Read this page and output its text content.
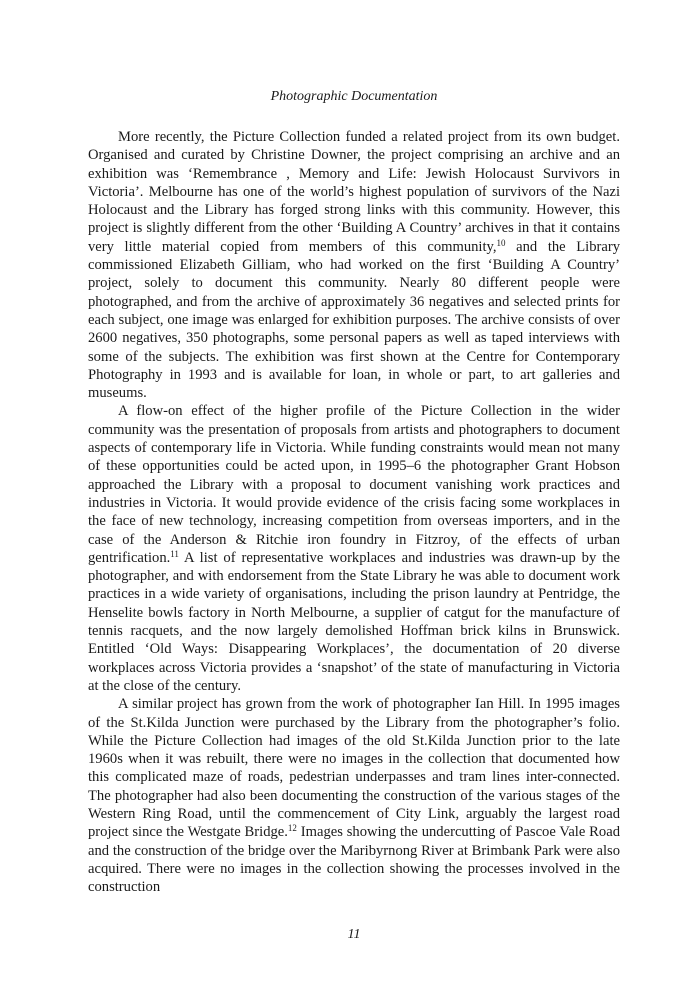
Photographic Documentation

More recently, the Picture Collection funded a related project from its own budget. Organised and curated by Christine Downer, the project comprising an archive and an exhibition was ‘Remembrance , Memory and Life: Jewish Holocaust Survivors in Victoria’. Melbourne has one of the world’s highest population of survivors of the Nazi Holocaust and the Library has forged strong links with this community. However, this project is slightly different from the other ‘Building A Country’ archives in that it contains very little material copied from members of this community,$^{10}$ and the Library commissioned Elizabeth Gilliam, who had worked on the first ‘Building A Country’ project, solely to document this community. Nearly 80 different people were photographed, and from the archive of approximately 36 negatives and selected prints for each subject, one image was enlarged for exhibition purposes. The archive consists of over 2600 negatives, 350 photographs, some personal papers as well as taped interviews with some of the subjects. The exhibition was first shown at the Centre for Contemporary Photography in 1993 and is available for loan, in whole or part, to art galleries and museums.

A flow-on effect of the higher profile of the Picture Collection in the wider community was the presentation of proposals from artists and photographers to document aspects of contemporary life in Victoria. While funding constraints would mean not many of these opportunities could be acted upon, in 1995–6 the photographer Grant Hobson approached the Library with a proposal to document vanishing work practices and industries in Victoria. It would provide evidence of the crisis facing some workplaces in the face of new technology, increasing competition from overseas importers, and in the case of the Anderson & Ritchie iron foundry in Fitzroy, of the effects of urban gentrification.$^{11}$ A list of representative workplaces and industries was drawn-up by the photographer, and with endorsement from the State Library he was able to document work practices in a wide variety of organisations, including the prison laundry at Pentridge, the Henselite bowls factory in North Melbourne, a supplier of catgut for the manufacture of tennis racquets, and the now largely demolished Hoffman brick kilns in Brunswick. Entitled ‘Old Ways: Disappearing Workplaces’, the documentation of 20 diverse workplaces across Victoria provides a ‘snapshot’ of the state of manufacturing in Victoria at the close of the century.

A similar project has grown from the work of photographer Ian Hill. In 1995 images of the St.Kilda Junction were purchased by the Library from the photographer’s folio. While the Picture Collection had images of the old St.Kilda Junction prior to the late 1960s when it was rebuilt, there were no images in the collection that documented how this complicated maze of roads, pedestrian underpasses and tram lines inter-connected. The photographer had also been documenting the construction of the various stages of the Western Ring Road, until the commencement of City Link, arguably the largest road project since the Westgate Bridge.$^{12}$ Images showing the undercutting of Pascoe Vale Road and the construction of the bridge over the Maribyrnong River at Brimbank Park were also acquired. There were no images in the collection showing the processes involved in the construction

11
